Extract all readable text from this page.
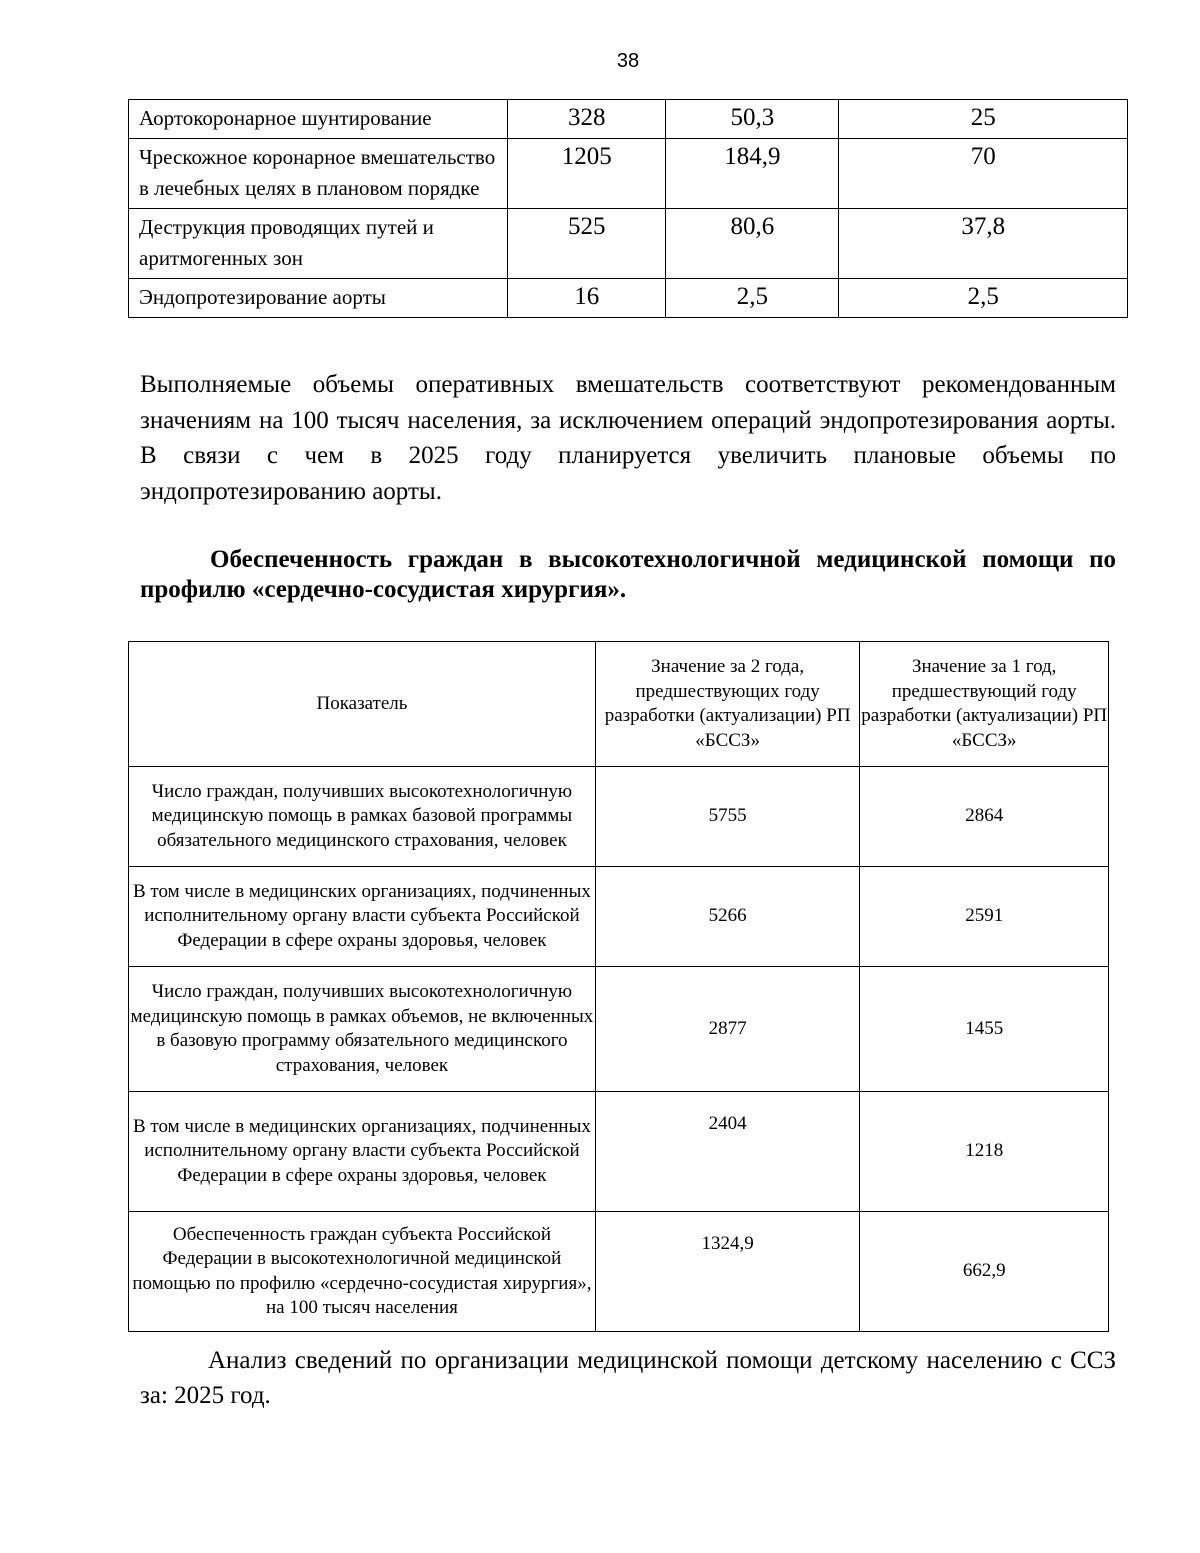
38
Аортокоронарное шунтирование	328	50,3	25
Чрескожное коронарное вмешательство в лечебных целях в плановом порядке	1205	184,9	70
Деструкция проводящих путей и аритмогенных зон	525	80,6	37,8
Эндопротезирование аорты	16	2,5	2,5

Выполняемые объемы оперативных вмешательств соответствуют рекомендованным значениям на 100 тысяч населения, за исключением операций эндопротезирования аорты. В связи с чем в 2025 году планируется увеличить плановые объемы по эндопротезированию аорты.

Обеспеченность граждан в высокотехнологичной медицинской помощи по профилю «сердечно-сосудистая хирургия».

Показатель	Значение за 2 года, предшествующих году разработки (актуализации) РП «БССЗ»	Значение за 1 год, предшествующий году разработки (актуализации) РП «БССЗ»
Число граждан, получивших высокотехнологичную медицинскую помощь в рамках базовой программы обязательного медицинского страхования, человек	5755	2864
В том числе в медицинских организациях, подчиненных исполнительному органу власти субъекта Российской Федерации в сфере охраны здоровья, человек	5266	2591
Число граждан, получивших высокотехнологичную медицинскую помощь в рамках объемов, не включенных в базовую программу обязательного медицинского страхования, человек	2877	1455
В том числе в медицинских организациях, подчиненных исполнительному органу власти субъекта Российской Федерации в сфере охраны здоровья, человек	2404	1218
Обеспеченность граждан субъекта Российской Федерации в высокотехнологичной медицинской помощью по профилю «сердечно-сосудистая хирургия», на 100 тысяч населения	1324,9	662,9

Анализ сведений по организации медицинской помощи детскому населению с ССЗ за: 2025 год.
